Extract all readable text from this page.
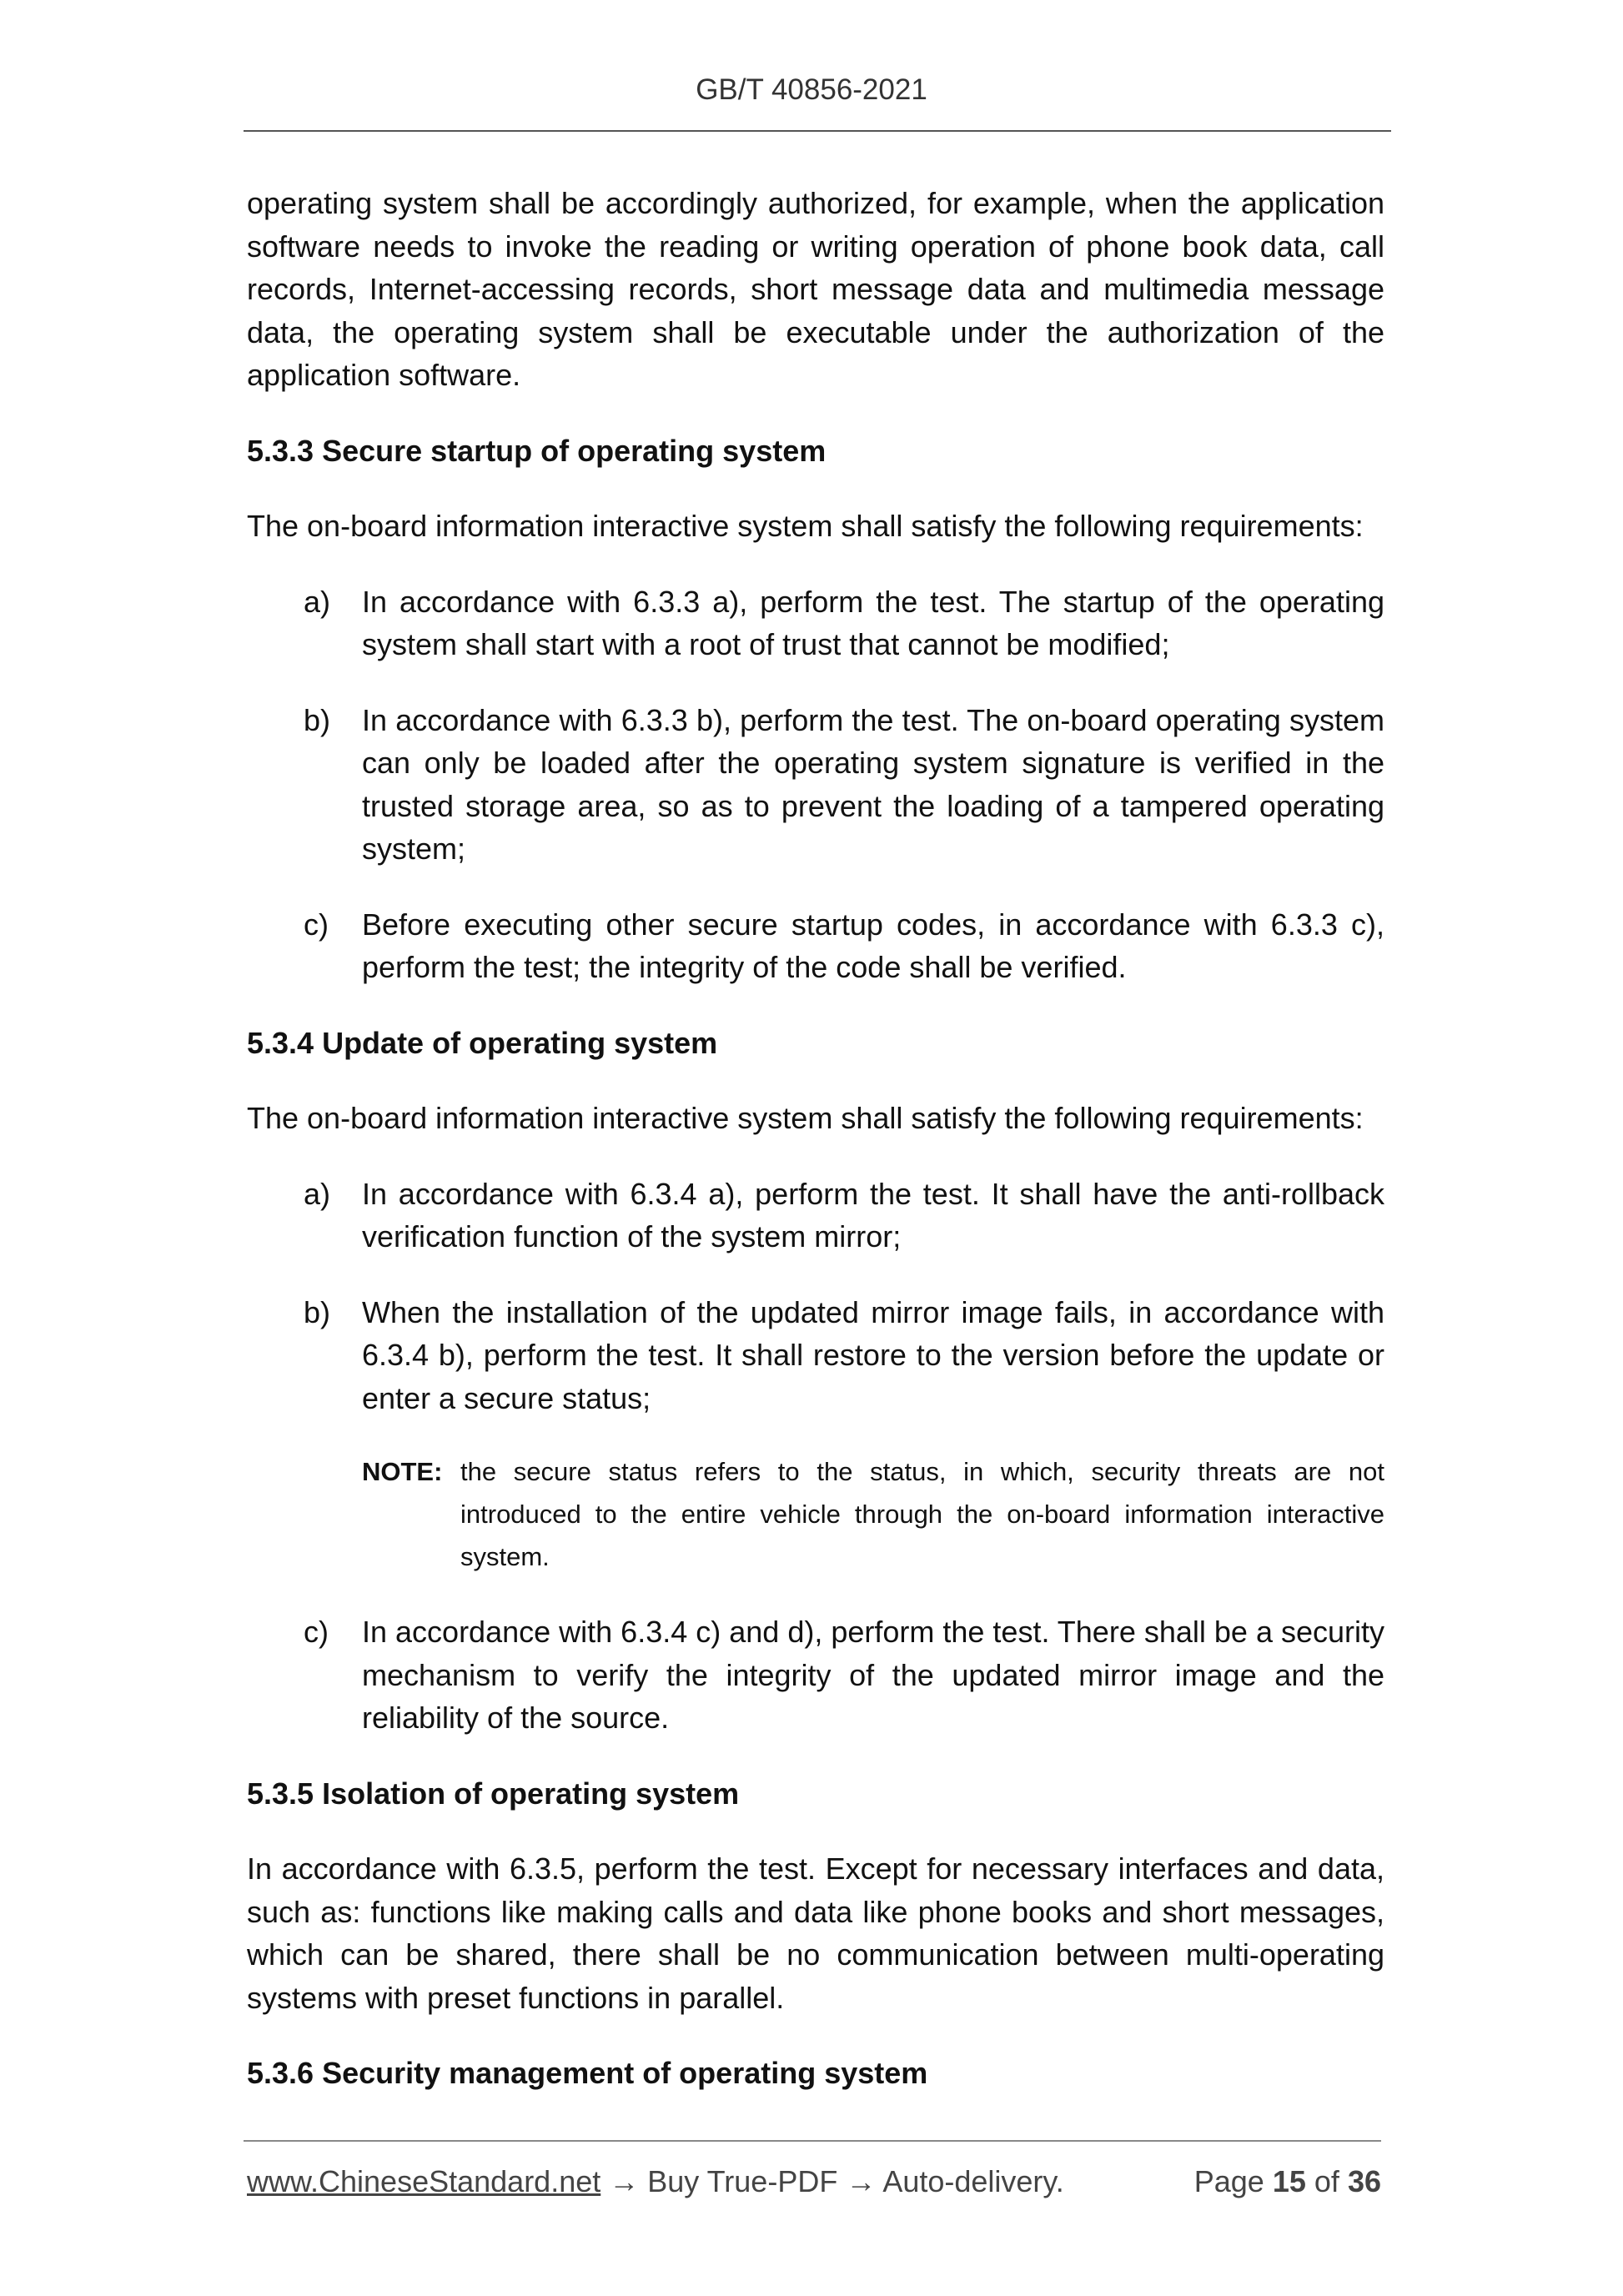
GB/T 40856-2021

operating system shall be accordingly authorized, for example, when the application software needs to invoke the reading or writing operation of phone book data, call records, Internet-accessing records, short message data and multimedia message data, the operating system shall be executable under the authorization of the application software.

5.3.3 Secure startup of operating system

The on-board information interactive system shall satisfy the following requirements:

a) In accordance with 6.3.3 a), perform the test. The startup of the operating system shall start with a root of trust that cannot be modified;
b) In accordance with 6.3.3 b), perform the test. The on-board operating system can only be loaded after the operating system signature is verified in the trusted storage area, so as to prevent the loading of a tampered operating system;
c) Before executing other secure startup codes, in accordance with 6.3.3 c), perform the test; the integrity of the code shall be verified.
5.3.4 Update of operating system

The on-board information interactive system shall satisfy the following requirements:

a) In accordance with 6.3.4 a), perform the test. It shall have the anti-rollback verification function of the system mirror;
b) When the installation of the updated mirror image fails, in accordance with 6.3.4 b), perform the test. It shall restore to the version before the update or enter a secure status;
NOTE: the secure status refers to the status, in which, security threats are not introduced to the entire vehicle through the on-board information interactive system.
c) In accordance with 6.3.4 c) and d), perform the test. There shall be a security mechanism to verify the integrity of the updated mirror image and the reliability of the source.
5.3.5 Isolation of operating system

In accordance with 6.3.5, perform the test. Except for necessary interfaces and data, such as: functions like making calls and data like phone books and short messages, which can be shared, there shall be no communication between multi-operating systems with preset functions in parallel.

5.3.6 Security management of operating system
www.ChineseStandard.net → Buy True-PDF → Auto-delivery.	Page 15 of 36
